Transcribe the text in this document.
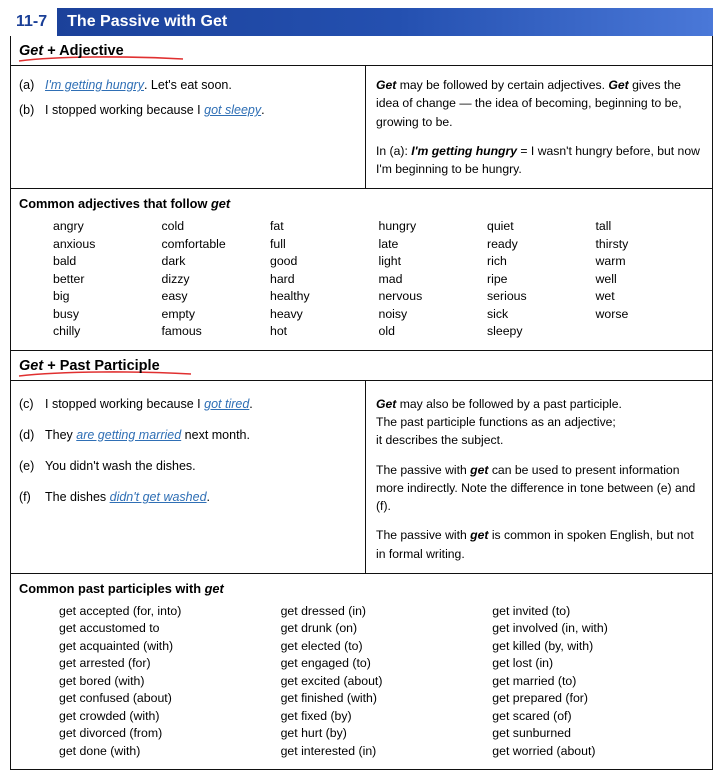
11-7	The Passive with Get

Get + Adjective
(a) I'm getting hungry. Let's eat soon.
(b) I stopped working because I got sleepy.
Get may be followed by certain adjectives. Get gives the idea of change — the idea of becoming, beginning to be, growing to be.
In (a): I'm getting hungry = I wasn't hungry before, but now I'm beginning to be hungry.
Common adjectives that follow get
angry
anxious
bald
better
big
busy
chilly
cold
comfortable
dark
dizzy
easy
empty
famous
fat
full
good
hard
healthy
heavy
hot
hungry
late
light
mad
nervous
noisy
old
quiet
ready
rich
ripe
serious
sick
sleepy
tall
thirsty
warm
well
wet
worse
Get + Past Participle
(c) I stopped working because I got tired.
(d) They are getting married next month.
(e) You didn't wash the dishes.
(f) The dishes didn't get washed.
Get may also be followed by a past participle.
The past participle functions as an adjective;
it describes the subject.
The passive with get can be used to present information more indirectly. Note the difference in tone between (e) and (f).
The passive with get is common in spoken English, but not in formal writing.
Common past participles with get
get accepted (for, into)
get accustomed to
get acquainted (with)
get arrested (for)
get bored (with)
get confused (about)
get crowded (with)
get divorced (from)
get done (with)
get dressed (in)
get drunk (on)
get elected (to)
get engaged (to)
get excited (about)
get finished (with)
get fixed (by)
get hurt (by)
get interested (in)
get invited (to)
get involved (in, with)
get killed (by, with)
get lost (in)
get married (to)
get prepared (for)
get scared (of)
get sunburned
get worried (about)
